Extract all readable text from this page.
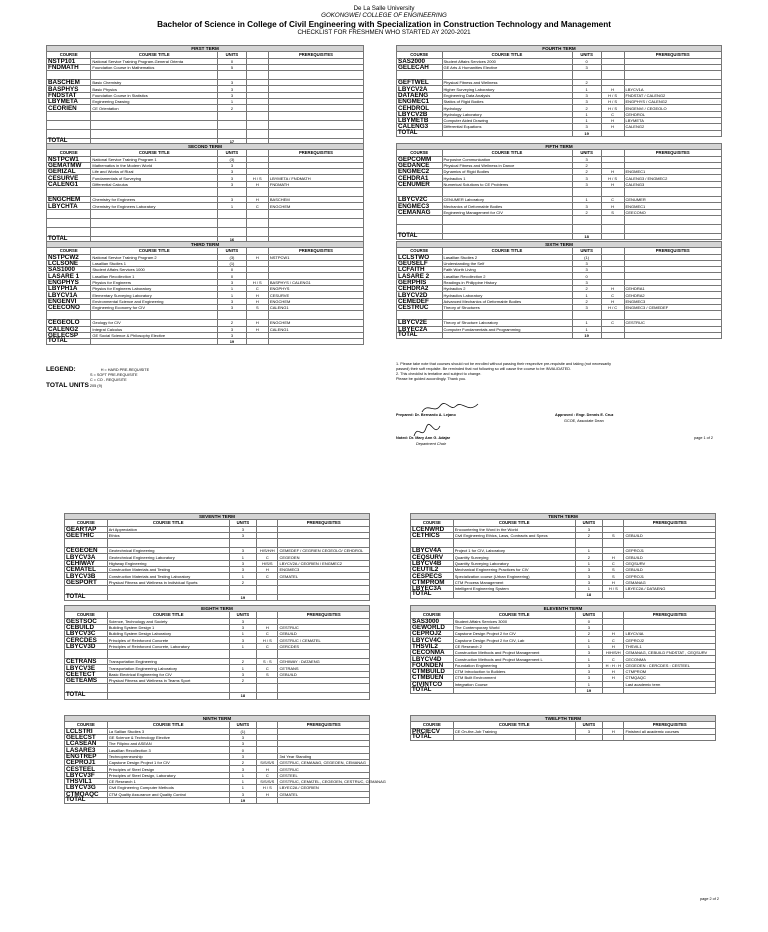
De La Salle University
GOKONGWEI COLLEGE OF ENGINEERING
Bachelor of Science in College of Civil Engineering with Specialization in Construction Technology and Management
CHECKLIST FOR FRESHMEN WHO STARTED AY 2020-2021
FIRST TERM				
COURSE	COURSE TITLE	UNITS		PREREQUISITES
NSTP101	National Service Training Program-General Orienta	0		
FNDMATH	Foundation Course in Mathematics	5		

BASCHEM	Basic Chemistry	3		
BASPHYS	Basic Physics	3		
FNDSTAT	Foundation Course in Statistics	3		
LBYMETA	Engineering Drawing	1		
CEORIEN	CE Orientation	2		

TOTAL		17		
SECOND TERM				
COURSE	COURSE TITLE	UNITS		PREREQUISITES
NSTPCW1	National Service Training Program 1	(3)		
GEMATMW	Mathematics in the Modern World	3		
GERIZAL	Life and Works of Rizal	3		
CESURVE	Fundamentals of Surveying	3	H / S	LBYMETA / FNDMATH
CALENG1	Differential Calculus	3	H	FNDMATH

ENGCHEM	Chemistry for Engineers	3	H	BASCHEM
LBYCHTA	Chemistry for Engineers Laboratory	1	C	ENGCHEM

TOTAL		16		
THIRD TERM				
COURSE	COURSE TITLE	UNITS		PREREQUISITES
NSTPCW2	National Service Training Program 2	(3)	H	NSTPCW1
LCLSONE	Lasallian Studies 1	(1)		
SAS1000	Student Affairs Services 1000	0		
LASARE 1	Lasallian Recollection 1	0		
ENGPHYS	Physics for Engineers	3	H / S	BASPHYS / CALENG1
LBYPH1A	Physics for Engineers Laboratory	1	C	ENGPHYS
LBYCV1A	Elementary Surveying Laboratory	1	H	CESURVE
ENGENVI	Environmental Science and Engineering	3	H	ENGCHEM
CEECONO	Engineering Economy for CIV	3	S	CALENG1

CEGEOLO	Geology for CIV	2	H	ENGCHEM
CALENG2	Integral Calculus	3	H	CALENG1
GELECSP	GE Social Science & Philosophy Elective	3		
TOTAL		19		
FOURTH TERM				
COURSE	COURSE TITLE	UNITS		PREREQUISITES
SAS2000	Student Affairs Services 2000	0		
GELECAH	GE Arts & Humanities Elective	3		

GEFTWEL	Physical Fitness and Wellness	2		
LBYCV2A	Higher Surveying Laboratory	1	H	LBYCV1A
DATAENG	Engineering Data Analysis	3	H / S	FNDSTAT / CALENG2
ENGMEC1	Statics of Rigid Bodies	3	H / S	ENGPHYS / CALENG2
CEHDROL	Hydrology	2	H / S	ENGENVI / CEGEOLO
LBYCV2B	Hydrology Laboratory	1	C	CEHDROL
LBYMETB	Computer Aided Drawing	1	H	LBYMETA
CALENG3	Differential Equations	3	H	CALENG2
TOTAL		19		
FIFTH TERM				
COURSE	COURSE TITLE	UNITS		PREREQUISITES
GEPCOMM	Purposive Communication	3		
GEDANCE	Physical Fitness and Wellness in Dance	2		
ENGMEC2	Dynamics of Rigid Bodies	2	H	ENGMEC1
CEHDRA1	Hydraulics 1	3	H / S	CALENG3 / ENGMEC2
CENUMER	Numerical Solutions to CE Problems	3	H	CALENG3

LBYCV2C	CENUMER Laboratory	1	C	CENUMER
ENGMEC3	Mechanics of Deformable Bodies	3	H	ENGMEC1
CEMANAG	Engineering Management for CIV	2	S	CEECONO

TOTAL		18		
SIXTH TERM				
COURSE	COURSE TITLE	UNITS		PREREQUISITES
LCLSTWO	Lasallian Studies 2	(1)		
GEUSELF	Understanding the Self	3		
LCFAITH	Faith Worth Living	3		
LASARE 2	Lasallian Recollection 2	0		
GERPHIS	Readings in Philippine History	3		
CEHDRA2	Hydraulics 2	2	H	CEHDRA1
LBYCV2D	Hydraulics Laboratory	1	C	CEHDRA2
CEMEDEF	Advanced Mechanics of Deformable Bodies	2	H	ENGMEC3
CESTRUC	Theory of Structures	3	H / C	ENGMEC3 / CEMEDEF

LBYCV2E	Theory of Structure Laboratory	1	C	CESTRUC
LBYEC2A	Computer Fundamentals and Programming	1		
TOTAL		19		
SEVENTH TERM				
COURSE	COURSE TITLE	UNITS		PREREQUISITES
GEARTAP	Art Appreciation	3		
GEETHIC	Ethics	3		

CEGEOEN	Geotechnical Engineering	3	H/S/H/H	CEMEDEF / CEGRIEN CEGEOLO/ CEHDROL
LBYCV3A	Geotechnical Engineering Laboratory	1	C	CEGEOEN
CEHIWAY	Highway Engineering	3	H/S/S	LBYCV2A / CEORIEN / ENGMEC2
CEMATEL	Construction Materials and Testing	3	H	ENGMEC3
LBYCV3B	Construction Materials and Testing Laboratory	1	C	CEMATEL
GESPORT	Physical Fitness and Wellness in Individual Sports	2		

TOTAL		19		
EIGHTH TERM				
COURSE	COURSE TITLE	UNITS		PREREQUISITES
GESTSOC	Science, Technology and Society	3		
CEBUILD	Building System Design 1	3	H	CESTRUC
LBYCV3C	Building System Design Laboratory	1	C	CEBUILD
CERCDES	Principles of Reinforced Concrete	3	H / S	CESTRUC / CEMATEL
LBYCV3D	Principles of Reinforced Concrete, Laboratory	1	C	CERCDES

CETRANS	Transportation Engineering	2	S : S	CEHIWAY : DATAENG
LBYCV3E	Transportation Engineering Laboratory	1	C	CETRANS
CEETECT	Basic Electrical Engineering for CIV	3	S	CEBUILD
GETEAMS	Physical Fitness and Wellness in Teams Sport	2		

TOTAL		18		
NINTH TERM				
COURSE	COURSE TITLE	UNITS		PREREQUISITES
LCLSTRI	La Sallian Studies 3	(1)		
GELECST	GE Science & Technology Elective	3		
LCASEAN	The Filipino and ASEAN	3		
LASARE3	Lasallian Recollection 3	0		
ENGTREP	Technopreneurship	3		3rd Year Standing
CEPROJ1	Capstone Design Project 1 for CIV	2	S/S/S/S	CESTRUC, CEMANAG, CEGEOEN, CEMANAG
CESTEEL	Principles of Steel Design	3	H	CESTRUC
LBYCV3F	Principles of Steel Design, Laboratory	1	C	CESTEEL
THSVIL1	CE Research 1	1	S/S/S/S	CESTRUC, CEMATEL, CEGEOEN, CESTRUC, CEMANAG
LBYCV3G	Civil Engineering Computer Methods	1	H / S	LBYEC2A / CEORIEN
CTMQAQC	CTM Quality Assurance and Quality Control	3	H	CEMATEL
TOTAL		19		
TENTH TERM				
COURSE	COURSE TITLE	UNITS		PREREQUISITES
LCENWRD	Encountering the Word in the World	3		
CETHICS	Civil Engineering Ethics, Laws, Contracts and Specs	2	S	CEBUILD

LBYCV4A	Project 1 for CIV, Laboratory	1		CEPROJ1
CEQSURV	Quantity Surveying	2	H	CEBUILD
LBYCV4B	Quantity Surveying Laboratory	1	C	CEQSURV
CEUTIL2	Mechanical Engineering Practices for CIV	3	S	CEBUILD
CESPECS	Specialization course (Urban Engineering)	3	S	CEPROJ1
CTMPROM	CTM Process Management	3	H	CEMANAG
LBYEC3A	Intelligent Engineering System	1	H / S	LBYEC2A / DATAENG
TOTAL		18		
ELEVENTH TERM				
COURSE	COURSE TITLE	UNITS		PREREQUISITES
SAS3000	Student Affairs Services 3000	0		
GEWORLD	The Contemporary World	3		
CEPROJ2	Capstone Design Project 2 for CIV	2	H	LBYCV4A
LBYCV4C	Capstone Design Project 2 for CIV, Lab	1	C	CEPROJ2
THSVIL2	CE Research 2	1	H	THSVIL1
CECONMA	Construction Methods and Project Management	3	H/H/S/H	CEMANAG, CEBUILD FNDSTAT , CEQSURV
LBYCV4D	Construction Methods and Project Management L	1	C	CECONMA
FOUNDEN	Foundation Engineering	3	H : H : H	CEGEOEN : CERCDES : CESTEEL
CTMBUILD	CTM Introduction to Builders	3	H	CTMPROM
CTMBUEN	CTM Built Environment	3	H	CTMQAQC
CIVINTCO	Integration Course	1		Last academic term
TOTAL		19		
TWELFTH TERM				
COURSE	COURSE TITLE	UNITS		PREREQUISITES
PRCIECV	CE On-the-Job Training	3	H	Finished all academic courses
TOTAL				
LEGEND:	H = HARD PRE-REQUISITE
S = SOFT PRE-REQUISITE
C = CO - REQUISITE
TOTAL UNITS 205 (9)
1. Please take note that courses should not be enrolled without passing their respective pre-requisite and taking (not necessarily
passed) their soft requisite. Be reminded that not following so will cause the course to be INVALIDATED.
2. This checklist is tentative and subject to change.
Please be guided accordingly. Thank you.
Prepared: Dr. Bernardo A. Lejano	Approved : Engr. Dennis E. Cruz
GCOE, Associate Dean
Noted: Dr. Mary Ann G. Adajar
Department Chair
page 1 of 2
page 2 of 2
